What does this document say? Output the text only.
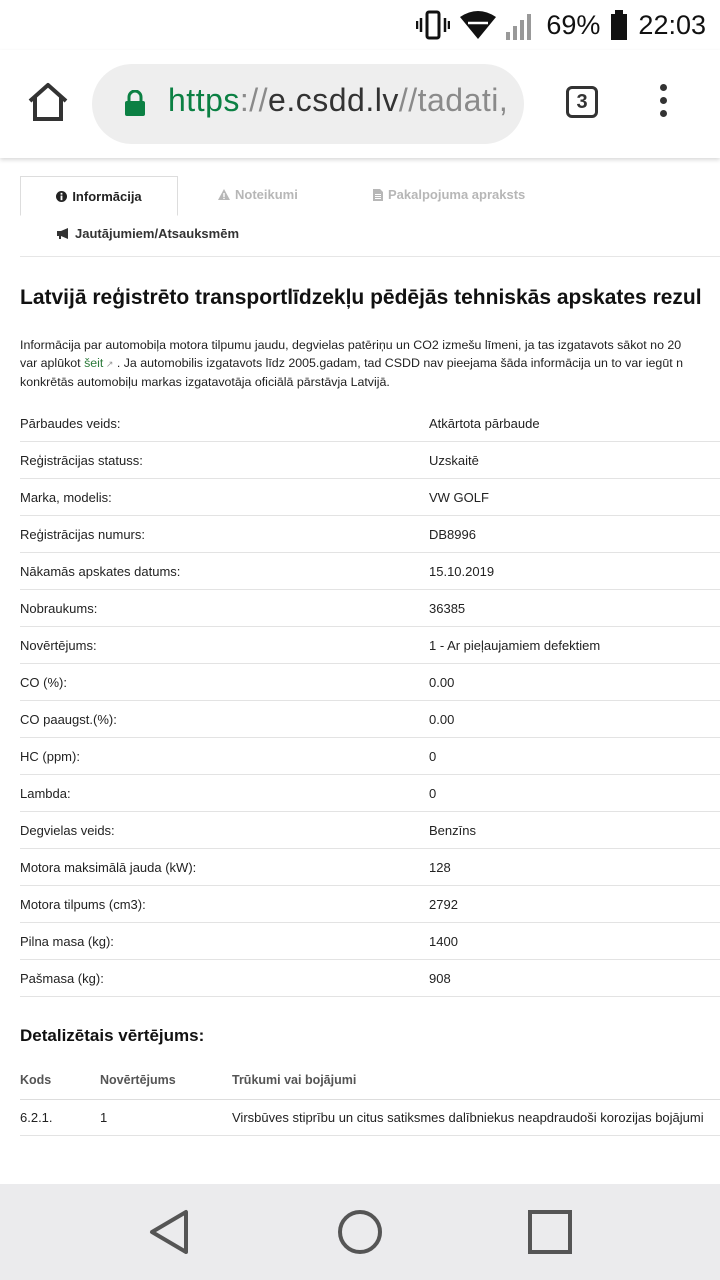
69% 22:03
https://e.csdd.lv//tadati,	3
Informācija	Noteikumi	Pakalpojuma apraksts
Jautājumiem/Atsauksmēm
Latvijā reģistrēto transportlīdzekļu pēdējās tehniskās apskates rezul

Informācija par automobiļa motora tilpumu jaudu, degvielas patēriņu un CO2 izmešu līmeni, ja tas izgatavots sākot no 20

var aplūkot šeit ↗ . Ja automobilis izgatavots līdz 2005.gadam, tad CSDD nav pieejama šāda informācija un to var iegūt n

konkrētās automobiļu markas izgatavotāja oficiālā pārstāvja Latvijā.

Pārbaudes veids:	Atkārtota pārbaude
Reģistrācijas statuss:	Uzskaitē
Marka, modelis:	VW GOLF
Reģistrācijas numurs:	DB8996
Nākamās apskates datums:	15.10.2019
Nobraukums:	36385
Novērtējums:	1 - Ar pieļaujamiem defektiem
CO (%):	0.00
CO paaugst.(%):	0.00
HC (ppm):	0
Lambda:	0
Degvielas veids:	Benzīns
Motora maksimālā jauda (kW):	128
Motora tilpums (cm3):	2792
Pilna masa (kg):	1400
Pašmasa (kg):	908
Detalizētais vērtējums:
Kods	Novērtējums	Trūkumi vai bojājumi
6.2.1.	1	Virsbūves stiprību un citus satiksmes dalībniekus neapdraudoši korozijas bojājumi
